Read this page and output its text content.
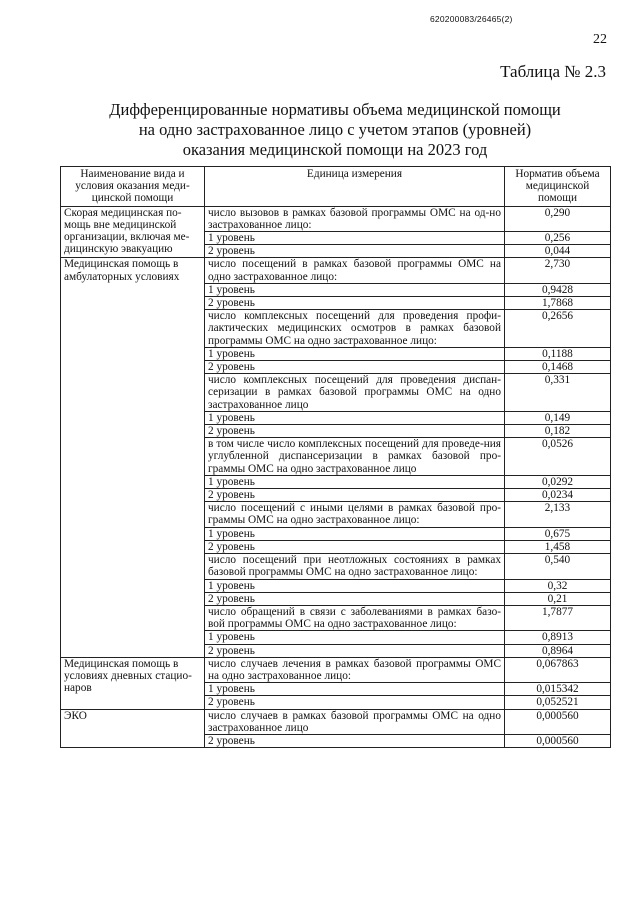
620200083/26465(2)
22
Таблица № 2.3
Дифференцированные нормативы объема медицинской помощи
на одно застрахованное лицо с учетом этапов (уровней)
оказания медицинской помощи на 2023 год
Наименование вида и условия оказания меди-цинской помощи	Единица измерения	Норматив объема медицинской помощи
Скорая медицинская по-мощь вне медицинской организации, включая ме-дицинскую эвакуацию	число вызовов в рамках базовой программы ОМС на од-но застрахованное лицо:	0,290
	1 уровень	0,256
	2 уровень	0,044
Медицинская помощь в амбулаторных условиях	число посещений в рамках базовой программы ОМС на одно застрахованное лицо:	2,730
	1 уровень	0,9428
	2 уровень	1,7868
	число комплексных посещений для проведения профи-лактических медицинских осмотров в рамках базовой программы ОМС на одно застрахованное лицо:	0,2656
	1 уровень	0,1188
	2 уровень	0,1468
	число комплексных посещений для проведения диспан-серизации в рамках базовой программы ОМС на одно застрахованное лицо	0,331
	1 уровень	0,149
	2 уровень	0,182
	в том числе число комплексных посещений для проведе-ния углубленной диспансеризации в рамках базовой про-граммы ОМС на одно застрахованное лицо	0,0526
	1 уровень	0,0292
	2 уровень	0,0234
	число посещений с иными целями в рамках базовой про-граммы ОМС на одно застрахованное лицо:	2,133
	1 уровень	0,675
	2 уровень	1,458
	число посещений при неотложных состояниях в рамках базовой программы ОМС на одно застрахованное лицо:	0,540
	1 уровень	0,32
	2 уровень	0,21
	число обращений в связи с заболеваниями в рамках базо-вой программы ОМС на одно застрахованное лицо:	1,7877
	1 уровень	0,8913
	2 уровень	0,8964
Медицинская помощь в условиях дневных стацио-наров	число случаев лечения в рамках базовой программы ОМС на одно застрахованное лицо:	0,067863
	1 уровень	0,015342
	2 уровень	0,052521
ЭКО	число случаев в рамках базовой программы ОМС на одно застрахованное лицо	0,000560
	2 уровень	0,000560
